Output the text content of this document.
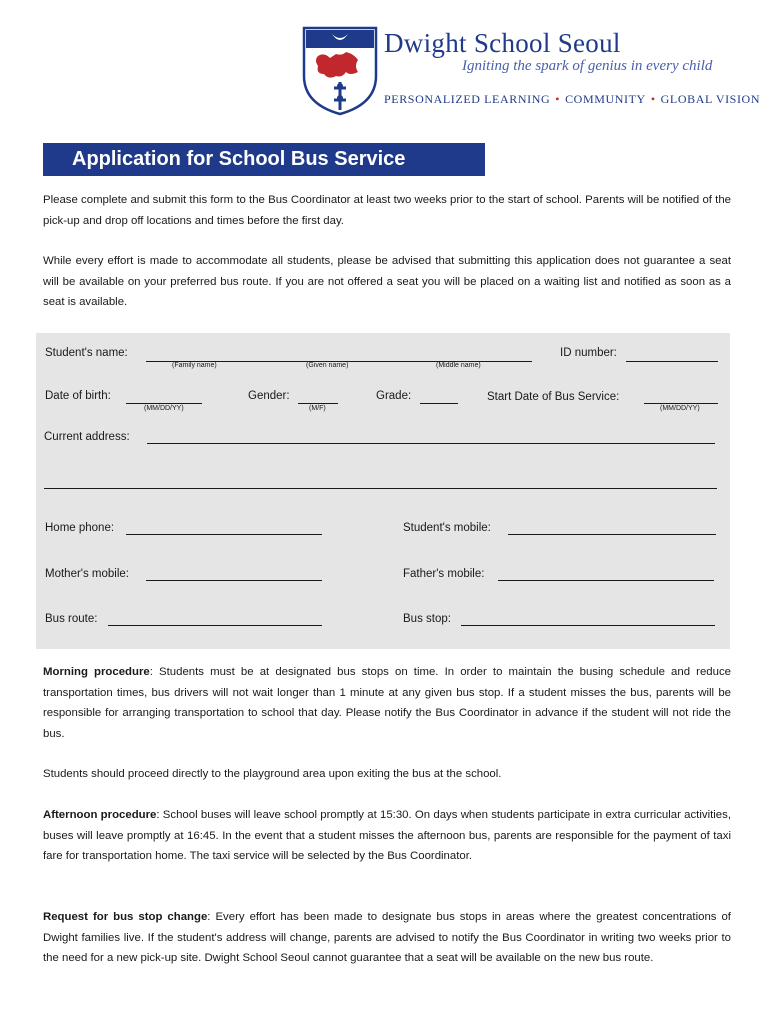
Dwight School Seoul
Igniting the spark of genius in every child
PERSONALIZED LEARNING • COMMUNITY • GLOBAL VISION
Application for School Bus Service

Please complete and submit this form to the Bus Coordinator at least two weeks prior to the start of school. Parents will be notified of the pick-up and drop off locations and times before the first day.

While every effort is made to accommodate all students, please be advised that submitting this application does not guarantee a seat will be available on your preferred bus route. If you are not offered a seat you will be placed on a waiting list and notified as soon as a seat is available.

Student's name:
(Family name)	(Given name)	(Middle name)
ID number:
Date of birth:
(MM/DD/YY)
Gender:
(M/F)
Grade:	Start Date of Bus Service:
(MM/DD/YY)
Current address:
Home phone:	Student's mobile:
Mother's mobile:	Father's mobile:
Bus route:	Bus stop:

Morning procedure: Students must be at designated bus stops on time. In order to maintain the busing schedule and reduce transportation times, bus drivers will not wait longer than 1 minute at any given bus stop. If a student misses the bus, parents will be responsible for arranging transportation to school that day. Please notify the Bus Coordinator in advance if the student will not ride the bus.

Students should proceed directly to the playground area upon exiting the bus at the school.

Afternoon procedure: School buses will leave school promptly at 15:30. On days when students participate in extra curricular activities, buses will leave promptly at 16:45. In the event that a student misses the afternoon bus, parents are responsible for the payment of taxi fare for transportation home. The taxi service will be selected by the Bus Coordinator.

Request for bus stop change: Every effort has been made to designate bus stops in areas where the greatest concentrations of Dwight families live. If the student's address will change, parents are advised to notify the Bus Coordinator in writing two weeks prior to the need for a new pick-up site. Dwight School Seoul cannot guarantee that a seat will be available on the new bus route.
